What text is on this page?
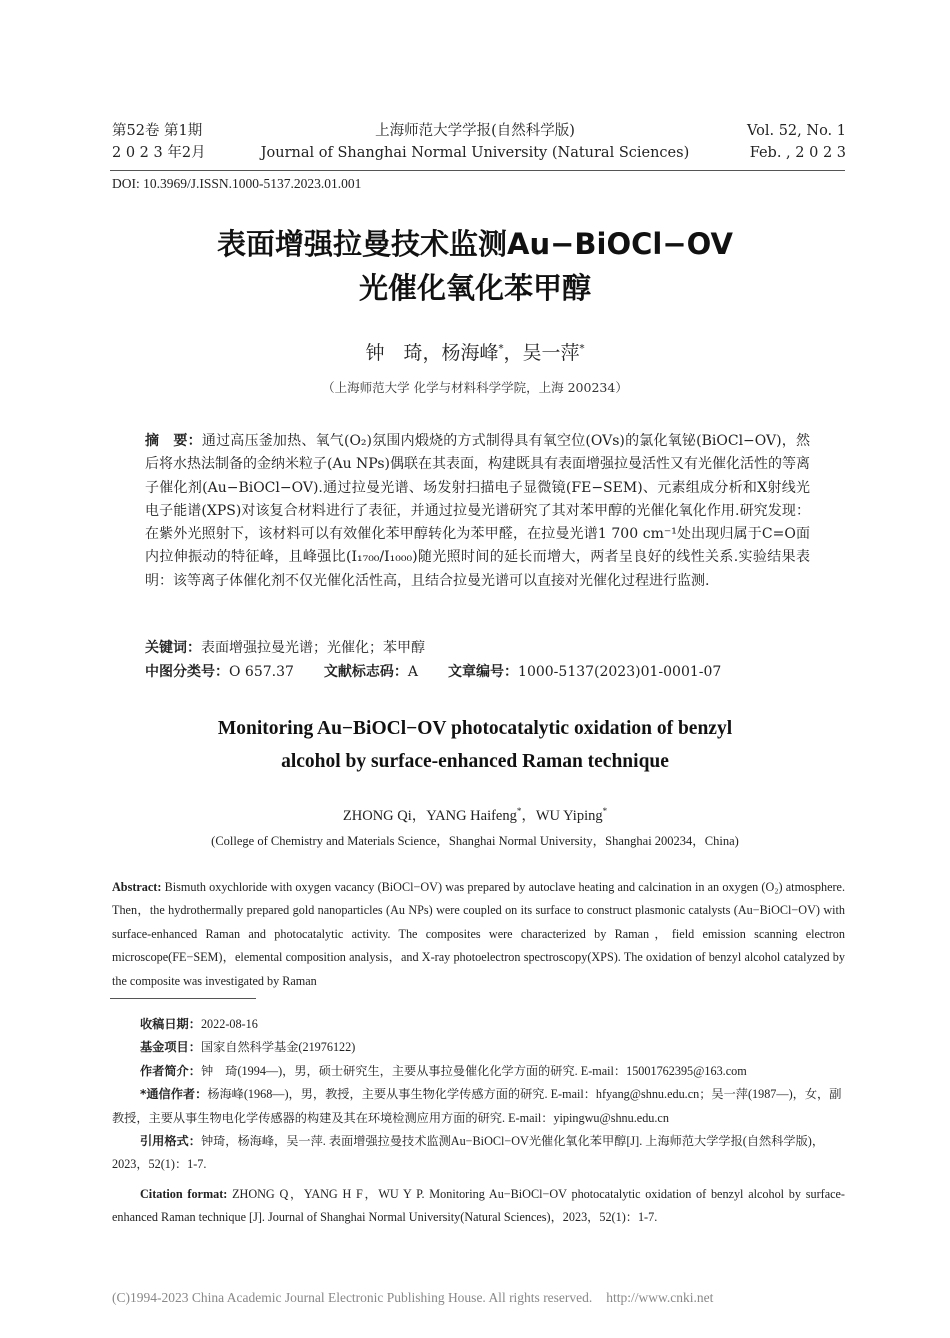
第52卷 第1期
2 0 2 3 年2月
上海师范大学学报(自然科学版)
Journal of Shanghai Normal University (Natural Sciences)
Vol. 52, No. 1
Feb. , 2 0 2 3
DOI: 10.3969/J.ISSN.1000-5137.2023.01.001
表面增强拉曼技术监测Au−BiOCl−OV
光催化氧化苯甲醇
钟　琦，杨海峰*，吴一萍*
（上海师范大学 化学与材料科学学院，上海 200234）
摘　要：通过高压釜加热、氧气(O₂)氛围内煅烧的方式制得具有氧空位(OVs)的氯化氧铋(BiOCl−OV)，然后将水热法制备的金纳米粒子(Au NPs)偶联在其表面，构建既具有表面增强拉曼活性又有光催化活性的等离子催化剂(Au−BiOCl−OV).通过拉曼光谱、场发射扫描电子显微镜(FE−SEM)、元素组成分析和X射线光电子能谱(XPS)对该复合材料进行了表征，并通过拉曼光谱研究了其对苯甲醇的光催化氧化作用.研究发现：在紫外光照射下，该材料可以有效催化苯甲醇转化为苯甲醛，在拉曼光谱1 700 cm⁻¹处出现归属于C=O面内拉伸振动的特征峰，且峰强比(I₁₇₀₀/I₁₀₀₀)随光照时间的延长而增大，两者呈良好的线性关系.实验结果表明：该等离子体催化剂不仅光催化活性高，且结合拉曼光谱可以直接对光催化过程进行监测.
关键词：表面增强拉曼光谱；光催化；苯甲醇
中图分类号：O 657.37 文献标志码：A 文章编号：1000-5137(2023)01-0001-07
Monitoring Au−BiOCl−OV photocatalytic oxidation of benzyl
alcohol by surface-enhanced Raman technique
ZHONG Qi，YANG Haifeng*，WU Yiping*
(College of Chemistry and Materials Science，Shanghai Normal University，Shanghai 200234，China)
Abstract: Bismuth oxychloride with oxygen vacancy (BiOCl−OV) was prepared by autoclave heating and calcination in an oxygen (O₂) atmosphere. Then，the hydrothermally prepared gold nanoparticles (Au NPs) were coupled on its surface to construct plasmonic catalysts (Au−BiOCl−OV) with surface-enhanced Raman and photocatalytic activity. The composites were characterized by Raman，field emission scanning electron microscope(FE−SEM)，elemental composition analysis，and X-ray photoelectron spectroscopy(XPS). The oxidation of benzyl alcohol catalyzed by the composite was investigated by Raman
收稿日期：2022-08-16
基金项目：国家自然科学基金(21976122)
作者简介：钟　琦(1994—)，男，硕士研究生，主要从事拉曼催化化学方面的研究. E-mail：15001762395@163.com
*通信作者：杨海峰(1968—)，男，教授，主要从事生物化学传感方面的研究. E-mail：hfyang@shnu.edu.cn；吴一萍(1987—)，女，副教授，主要从事生物电化学传感器的构建及其在环境检测应用方面的研究. E-mail：yipingwu@shnu.edu.cn
引用格式：钟琦，杨海峰，吴一萍. 表面增强拉曼技术监测Au−BiOCl−OV光催化氧化苯甲醇[J]. 上海师范大学学报(自然科学版)，2023，52(1)：1-7.
Citation format: ZHONG Q，YANG H F，WU Y P. Monitoring Au−BiOCl−OV photocatalytic oxidation of benzyl alcohol by surface-enhanced Raman technique [J]. Journal of Shanghai Normal University(Natural Sciences)，2023，52(1)：1-7.
(C)1994-2023 China Academic Journal Electronic Publishing House. All rights reserved. http://www.cnki.net
